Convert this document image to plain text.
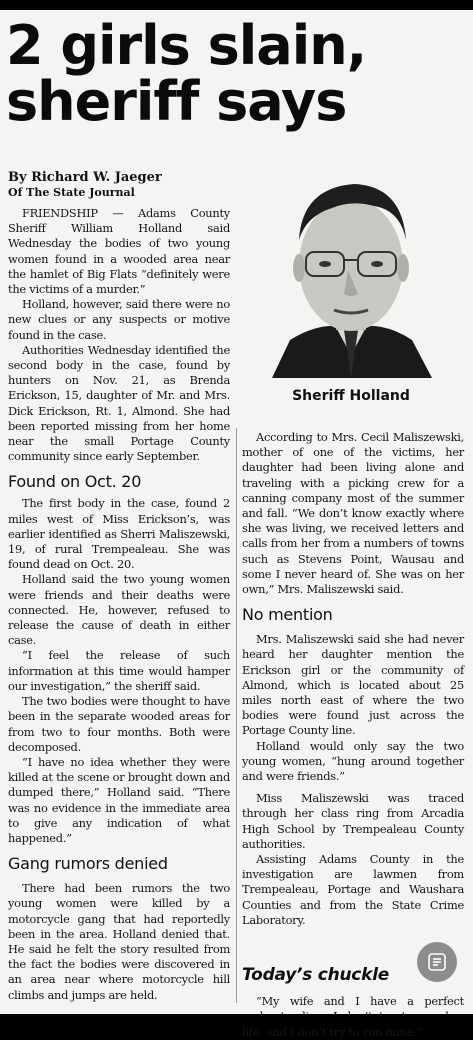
2 girls slain,
sheriff says
By Richard W. Jaeger
Of The State Journal
Sheriff Holland

FRIENDSHIP — Adams County Sheriff William Holland said Wednesday the bodies of two young women found in a wooded area near the hamlet of Big Flats “definitely were the victims of a murder.”

Holland, however, said there were no new clues or any suspects or motive found in the case.

Authorities Wednesday identified the second body in the case, found by hunters on Nov. 21, as Brenda Erickson, 15, daughter of Mr. and Mrs. Dick Erickson, Rt. 1, Almond. She had been reported missing from her home near the small Portage County community since early September.

Found on Oct. 20

The first body in the case, found 2 miles west of Miss Erickson’s, was earlier identified as Sherri Maliszewski, 19, of rural Trempealeau. She was found dead on Oct. 20.

Holland said the two young women were friends and their deaths were connected. He, however, refused to release the cause of death in either case.

“I feel the release of such information at this time would hamper our investigation,” the sheriff said.

The two bodies were thought to have been in the separate wooded areas for from two to four months. Both were decomposed.

“I have no idea whether they were killed at the scene or brought down and dumped there,” Holland said. “There was no evidence in the immediate area to give any indication of what happened.”

Gang rumors denied

There had been rumors the two young women were killed by a motorcycle gang that had reportedly been in the area. Holland denied that. He said he felt the story resulted from the fact the bodies were discovered in an area near where motorcycle hill climbs and jumps are held.

According to Mrs. Cecil Maliszewski, mother of one of the victims, her daughter had been living alone and traveling with a picking crew for a canning company most of the summer and fall. “We don’t know exactly where she was living, we received letters and calls from her from a numbers of towns such as Stevens Point, Wausau and some I never heard of. She was on her own,” Mrs. Maliszewski said.

No mention

Mrs. Maliszewski said she had never heard her daughter mention the Erickson girl or the community of Almond, which is located about 25 miles north east of where the two bodies were found just across the Portage County line.

Holland would only say the two young women, “hung around together and were friends.”

Miss Maliszewski was traced through her class ring from Arcadia High School by Trempealeau County authorities.

Assisting Adams County in the investigation are lawmen from Trempealeau, Portage and Waushara Counties and from the State Crime Laboratory.

Today’s chuckle

“My wife and I have a perfect life, and I don’t try to run mine.”
